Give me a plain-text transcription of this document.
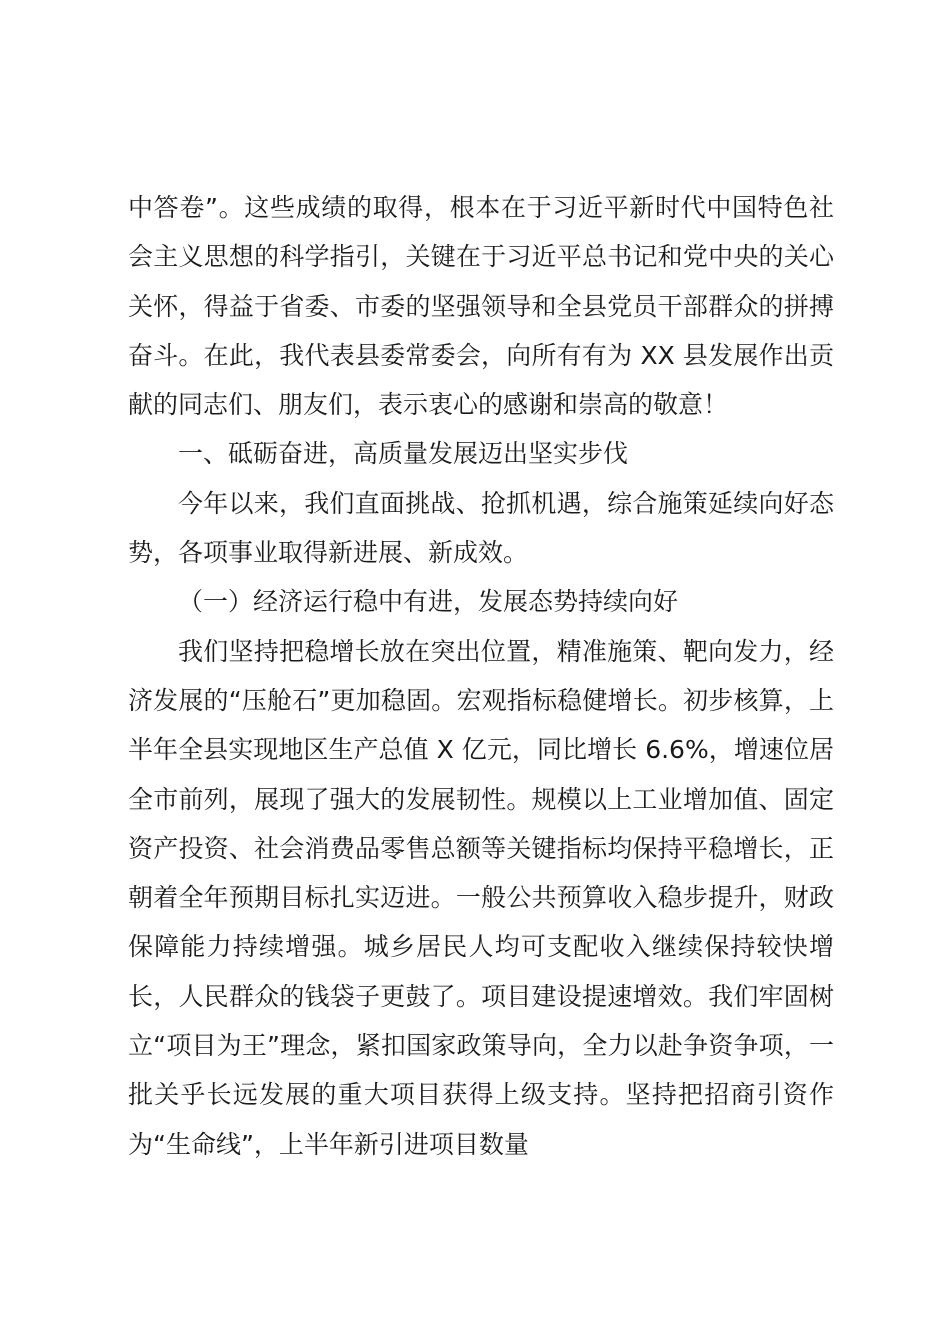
中答卷”。这些成绩的取得，根本在于习近平新时代中国特色社会主义思想的科学指引，关键在于习近平总书记和党中央的关心关怀，得益于省委、市委的坚强领导和全县党员干部群众的拼搏奋斗。在此，我代表县委常委会，向所有有为 XX 县发展作出贡献的同志们、朋友们，表示衷心的感谢和崇高的敬意！

一、砥砺奋进，高质量发展迈出坚实步伐

今年以来，我们直面挑战、抢抓机遇，综合施策延续向好态势，各项事业取得新进展、新成效。

（一）经济运行稳中有进，发展态势持续向好

我们坚持把稳增长放在突出位置，精准施策、靶向发力，经济发展的“压舱石”更加稳固。宏观指标稳健增长。初步核算，上半年全县实现地区生产总值 X 亿元，同比增长 6.6%，增速位居全市前列，展现了强大的发展韧性。规模以上工业增加值、固定资产投资、社会消费品零售总额等关键指标均保持平稳增长，正朝着全年预期目标扎实迈进。一般公共预算收入稳步提升，财政保障能力持续增强。城乡居民人均可支配收入继续保持较快增长，人民群众的钱袋子更鼓了。项目建设提速增效。我们牢固树立“项目为王”理念，紧扣国家政策导向，全力以赴争资争项，一批关乎长远发展的重大项目获得上级支持。坚持把招商引资作为“生命线”，上半年新引进项目数量
